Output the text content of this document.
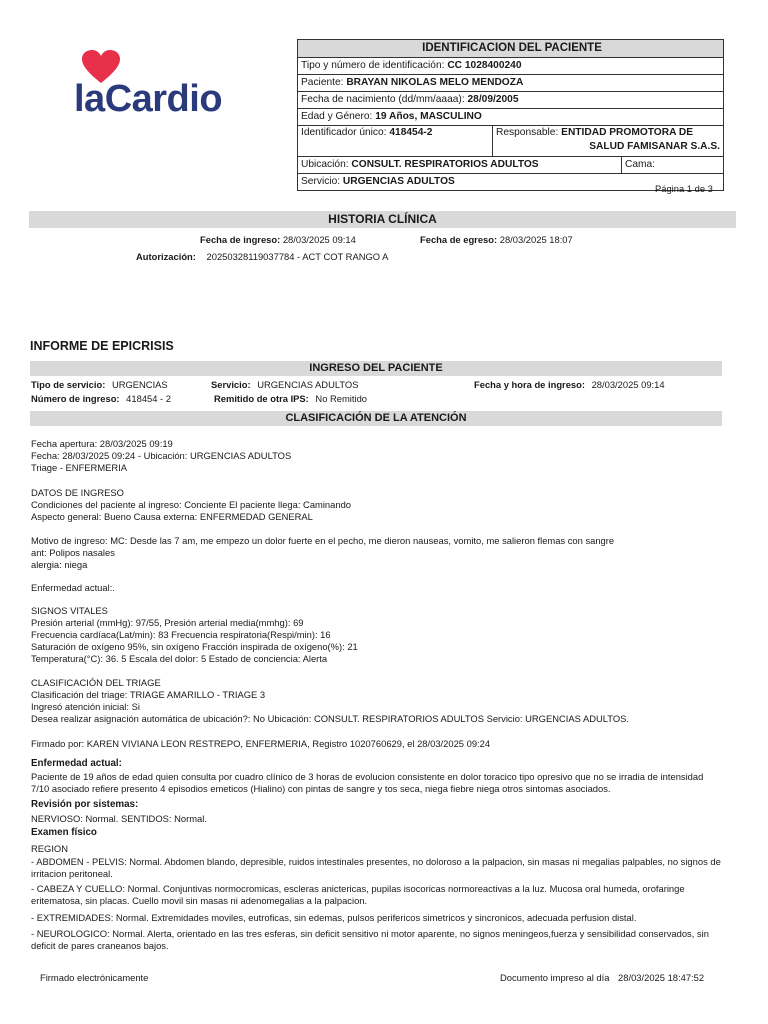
laCardio
IDENTIFICACION DEL PACIENTE
Tipo y número de identificación: CC 1028400240
Paciente: BRAYAN NIKOLAS MELO MENDOZA
Fecha de nacimiento (dd/mm/aaaa): 28/09/2005
Edad y Género: 19 Años, MASCULINO
Identificador único: 418454-2	Responsable: ENTIDAD PROMOTORA DE

SALUD FAMISANAR S.A.S.
Ubicación: CONSULT. RESPIRATORIOS ADULTOS	Cama:
Servicio: URGENCIAS ADULTOS
Página 1 de 3
HISTORIA CLÍNICA
Fecha de ingreso: 28/03/2025 09:14	Fecha de egreso: 28/03/2025 18:07
Autorización: 20250328119037784 - ACT COT RANGO A
INFORME DE EPICRISIS
INGRESO DEL PACIENTE
Tipo de servicio: URGENCIAS	Servicio: URGENCIAS ADULTOS	Fecha y hora de ingreso: 28/03/2025 09:14
Número de ingreso: 418454 - 2	Remitido de otra IPS: No Remitido
CLASIFICACIÓN DE LA ATENCIÓN
Fecha apertura: 28/03/2025 09:19
Fecha: 28/03/2025 09:24 - Ubicación: URGENCIAS ADULTOS
Triage - ENFERMERIA
DATOS DE INGRESO
Condiciones del paciente al ingreso: Conciente El paciente llega: Caminando
Aspecto general: Bueno Causa externa: ENFERMEDAD GENERAL
Motivo de ingreso: MC: Desde las 7 am, me empezo un dolor fuerte en el pecho, me dieron nauseas, vomito, me salieron flemas con sangre
ant: Polipos nasales
alergia: niega
Enfermedad actual:.
SIGNOS VITALES
Presión arterial (mmHg): 97/55, Presión arterial media(mmhg): 69
Frecuencia cardíaca(Lat/min): 83 Frecuencia respiratoria(Respi/min): 16
Saturación de oxígeno 95%, sin oxígeno Fracción inspirada de oxígeno(%): 21
Temperatura(°C): 36. 5 Escala del dolor: 5 Estado de conciencia: Alerta
CLASIFICACIÓN DEL TRIAGE
Clasificación del triage: TRIAGE AMARILLO - TRIAGE 3
Ingresó atención inicial: Si
Desea realizar asignación automática de ubicación?: No Ubicación: CONSULT. RESPIRATORIOS ADULTOS Servicio: URGENCIAS ADULTOS.
Firmado por: KAREN VIVIANA LEON RESTREPO, ENFERMERIA, Registro 1020760629, el 28/03/2025 09:24
Enfermedad actual:
Paciente de 19 años de edad quien consulta por cuadro clínico de 3 horas de evolucion consistente en dolor toracico tipo opresivo que no se irradia de intensidad 7/10 asociado refiere presento 4 episodios emeticos (Hialino) con pintas de sangre y tos seca, niega fiebre niega otros sintomas asociados.
Revisión por sistemas:
NERVIOSO: Normal. SENTIDOS: Normal.
Examen físico
REGION
- ABDOMEN - PELVIS: Normal. Abdomen blando, depresible, ruidos intestinales presentes, no doloroso a la palpacion, sin masas ni megalias palpables, no signos de irritacion peritoneal.
- CABEZA Y CUELLO: Normal. Conjuntivas normocromicas, escleras anictericas, pupilas isocoricas normoreactivas a la luz. Mucosa oral humeda, orofaringe eritematosa, sin placas. Cuello movil sin masas ni adenomegalias a la palpacion.
- EXTREMIDADES: Normal. Extremidades moviles, eutroficas, sin edemas, pulsos perifericos simetricos y sincronicos, adecuada perfusion distal.
- NEUROLOGICO: Normal. Alerta, orientado en las tres esferas, sin deficit sensitivo ni motor aparente, no signos meningeos,fuerza y sensibilidad conservados, sin deficit de pares craneanos bajos.
Firmado electrónicamente	Documento impreso al día 28/03/2025 18:47:52
